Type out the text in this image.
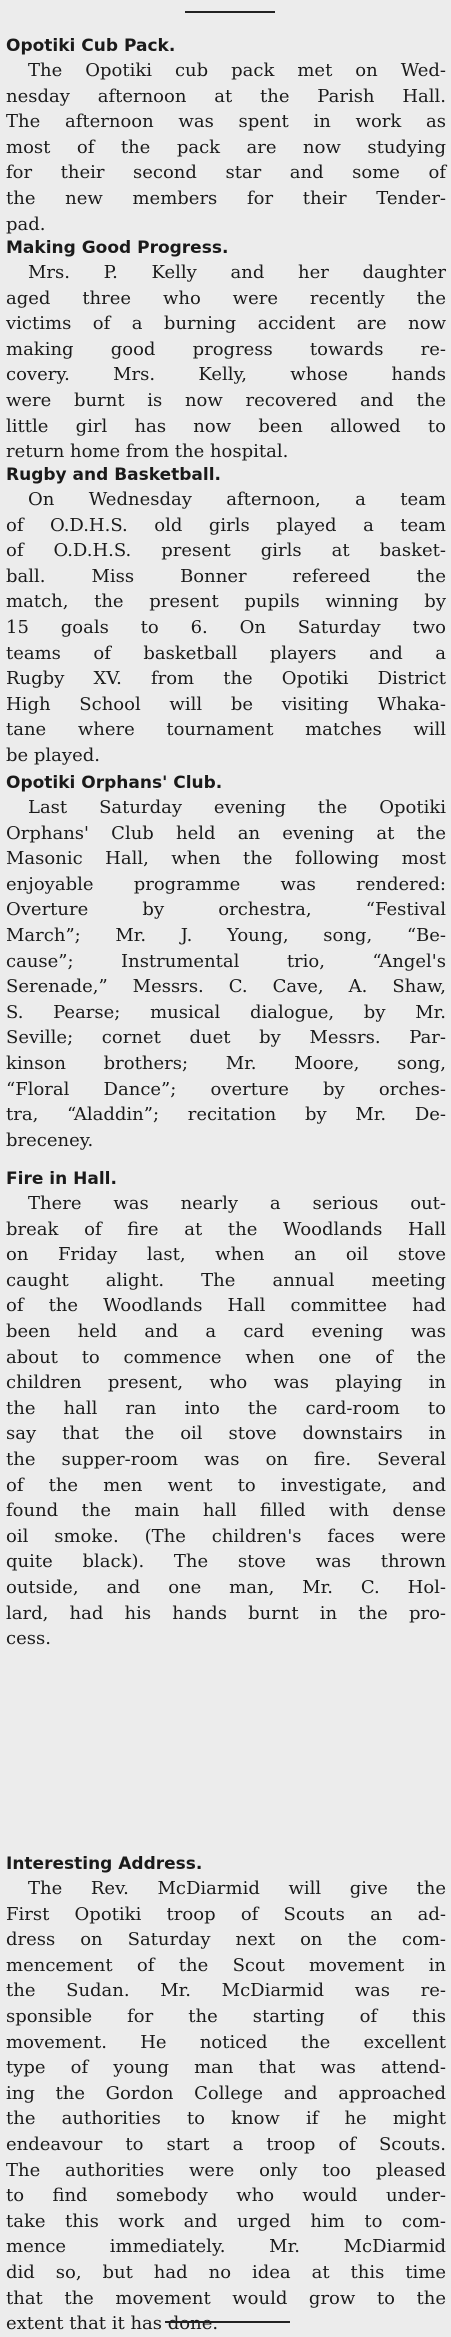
Opotiki Cub Pack.
The Opotiki cub pack met on Wed-
nesday afternoon at the Parish Hall.
The afternoon was spent in work as
most of the pack are now studying
for their second star and some of
the new members for their Tender-
pad.
Making Good Progress.
Mrs. P. Kelly and her daughter
aged three who were recently the
victims of a burning accident are now
making good progress towards re-
covery. Mrs. Kelly, whose hands
were burnt is now recovered and the
little girl has now been allowed to
return home from the hospital.
Rugby and Basketball.
On Wednesday afternoon, a team
of O.D.H.S. old girls played a team
of O.D.H.S. present girls at basket-
ball. Miss Bonner refereed the
match, the present pupils winning by
15 goals to 6. On Saturday two
teams of basketball players and a
Rugby XV. from the Opotiki District
High School will be visiting Whaka-
tane where tournament matches will
be played.
Opotiki Orphans' Club.
Last Saturday evening the Opotiki
Orphans' Club held an evening at the
Masonic Hall, when the following most
enjoyable programme was rendered:
Overture by orchestra, “Festival
March”; Mr. J. Young, song, “Be-
cause”; Instrumental trio, “Angel's
Serenade,” Messrs. C. Cave, A. Shaw,
S. Pearse; musical dialogue, by Mr.
Seville; cornet duet by Messrs. Par-
kinson brothers; Mr. Moore, song,
“Floral Dance”; overture by orches-
tra, “Aladdin”; recitation by Mr. De-
breceney.
Fire in Hall.
There was nearly a serious out-
break of fire at the Woodlands Hall
on Friday last, when an oil stove
caught alight. The annual meeting
of the Woodlands Hall committee had
been held and a card evening was
about to commence when one of the
children present, who was playing in
the hall ran into the card-room to
say that the oil stove downstairs in
the supper-room was on fire. Several
of the men went to investigate, and
found the main hall filled with dense
oil smoke. (The children's faces were
quite black). The stove was thrown
outside, and one man, Mr. C. Hol-
lard, had his hands burnt in the pro-
cess.
Interesting Address.
The Rev. McDiarmid will give the
First Opotiki troop of Scouts an ad-
dress on Saturday next on the com-
mencement of the Scout movement in
the Sudan. Mr. McDiarmid was re-
sponsible for the starting of this
movement. He noticed the excellent
type of young man that was attend-
ing the Gordon College and approached
the authorities to know if he might
endeavour to start a troop of Scouts.
The authorities were only too pleased
to find somebody who would under-
take this work and urged him to com-
mence immediately. Mr. McDiarmid
did so, but had no idea at this time
that the movement would grow to the
extent that it has done.
